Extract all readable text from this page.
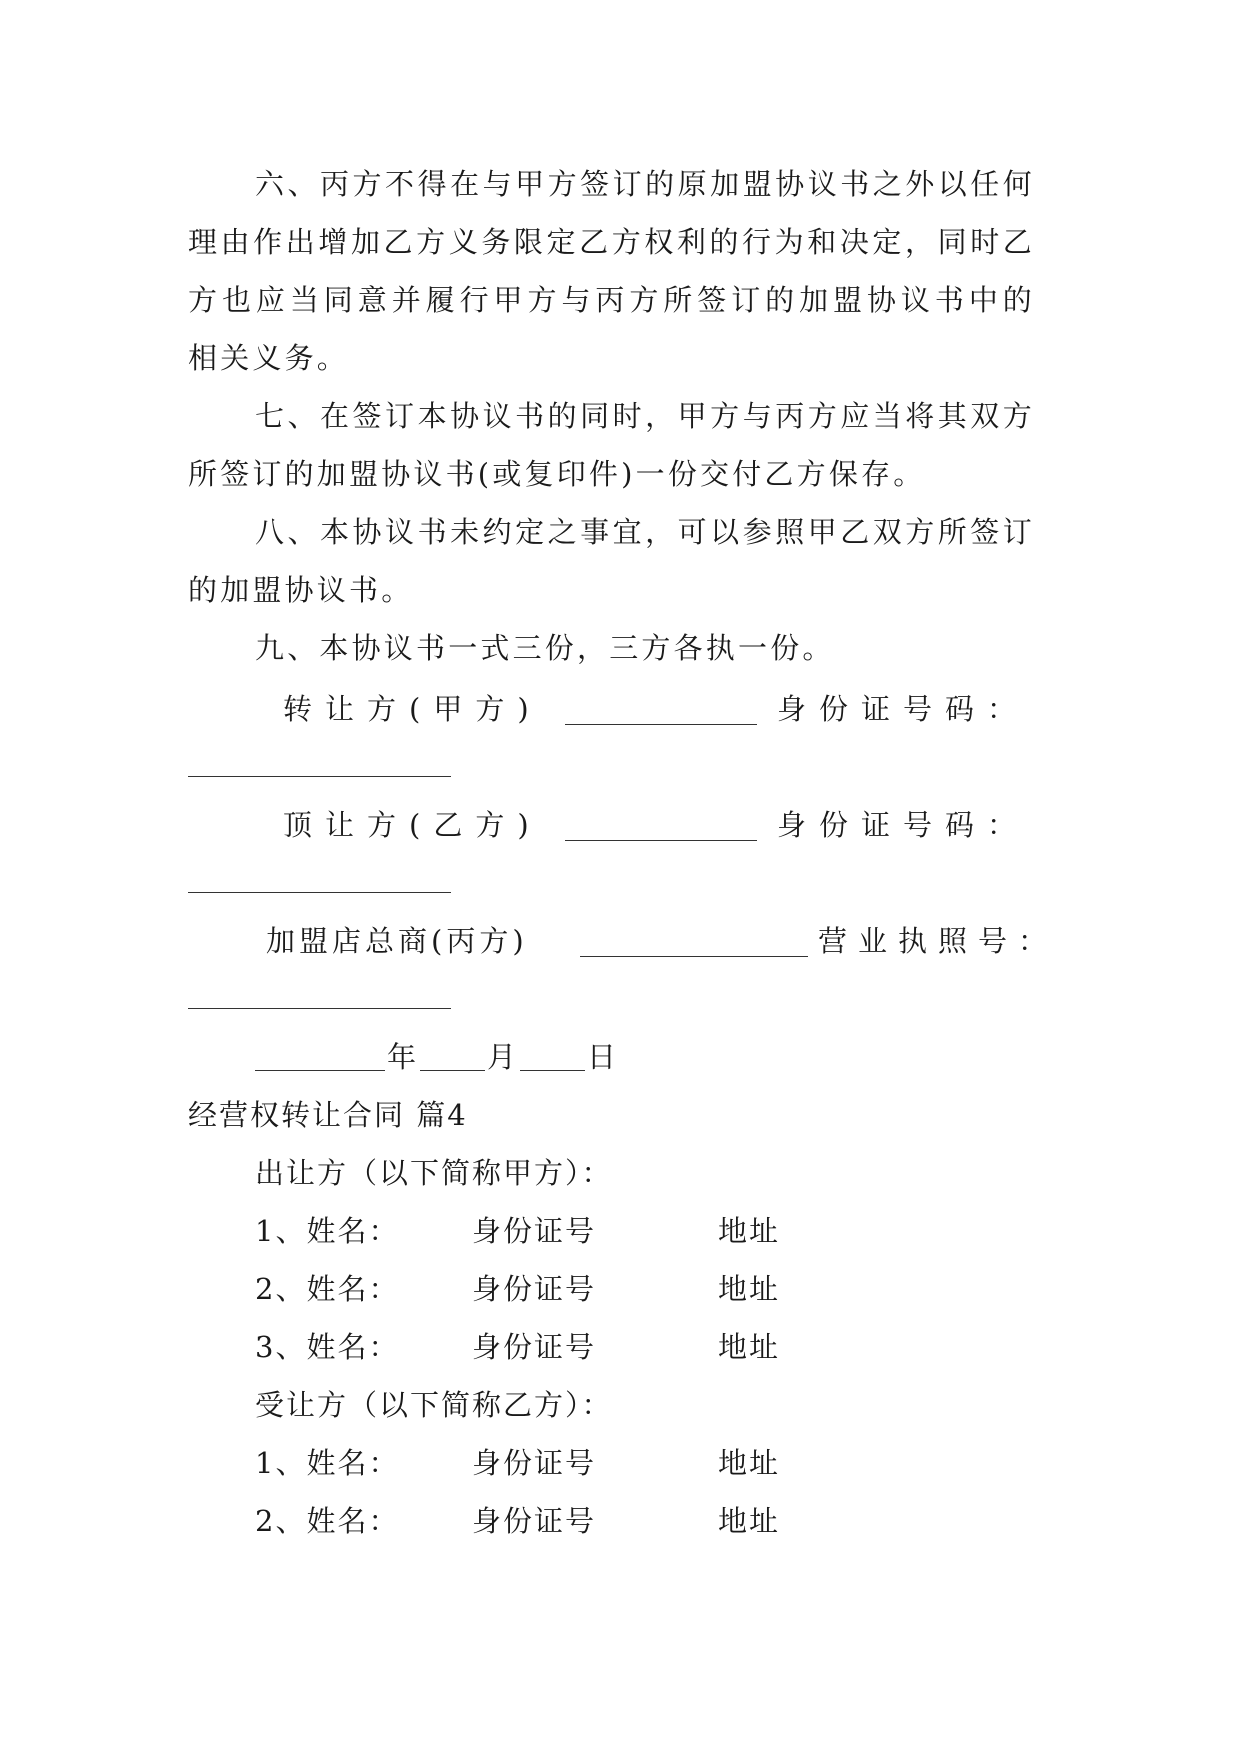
六、丙方不得在与甲方签订的原加盟协议书之外以任何
理由作出增加乙方义务限定乙方权利的行为和决定，同时乙
方也应当同意并履行甲方与丙方所签订的加盟协议书中的
相关义务。
七、在签订本协议书的同时，甲方与丙方应当将其双方
所签订的加盟协议书(或复印件)一份交付乙方保存。
八、本协议书未约定之事宜，可以参照甲乙双方所签订
的加盟协议书。
九、本协议书一式三份，三方各执一份。
转让方(甲方)	身份证号码：
顶让方(乙方)	身份证号码：
加盟店总商(丙方)	营业执照号：
年 月 日
经营权转让合同 篇4
出让方（以下简称甲方）：
1、姓名：	身份证号	地址
2、姓名：	身份证号	地址
3、姓名：	身份证号	地址
受让方（以下简称乙方）：
1、姓名：	身份证号	地址
2、姓名：	身份证号	地址
